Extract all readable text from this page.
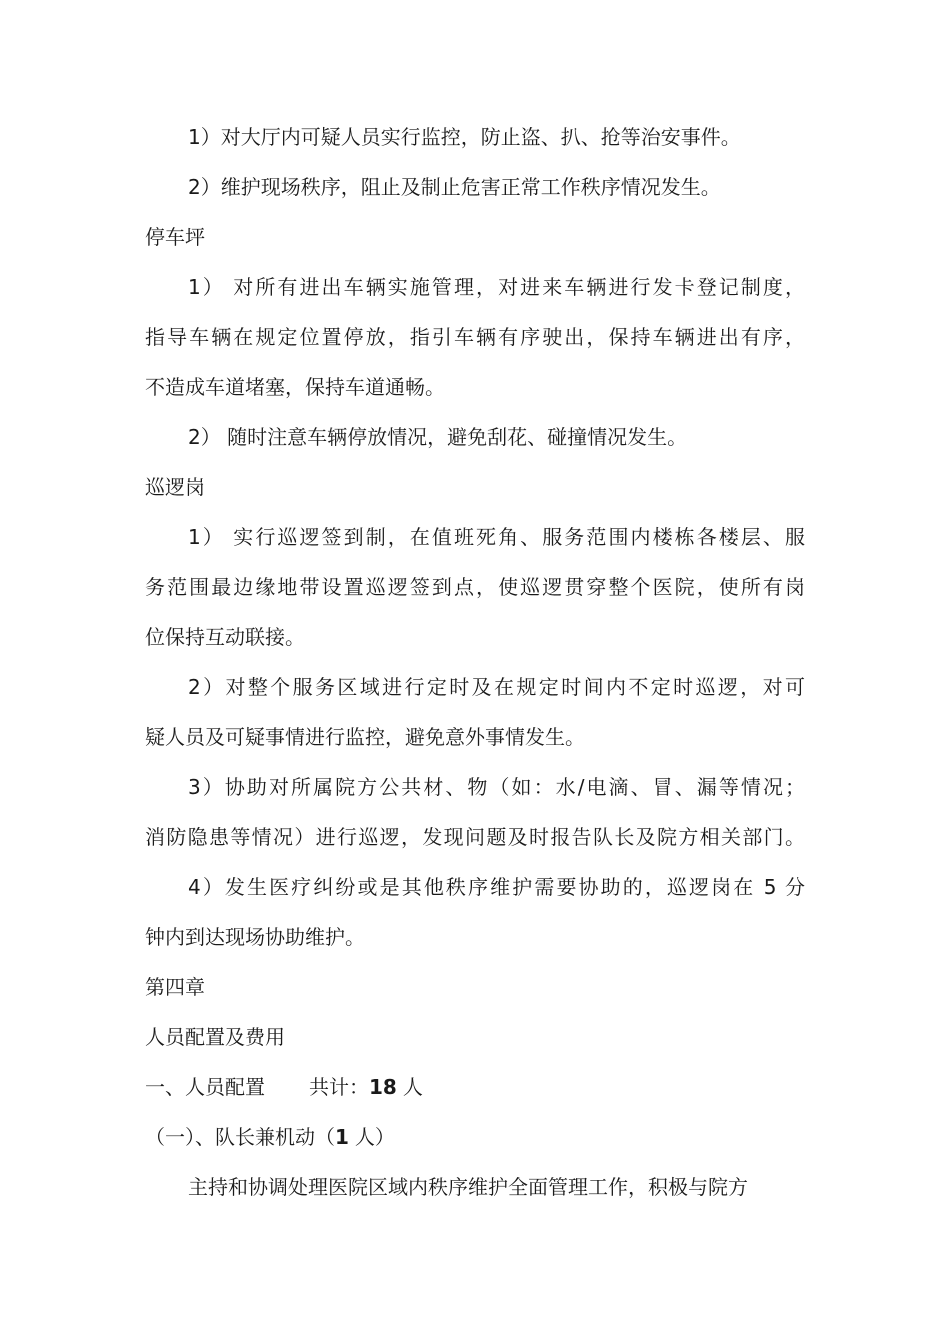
1）对大厅内可疑人员实行监控，防止盗、扒、抢等治安事件。

2）维护现场秩序，阻止及制止危害正常工作秩序情况发生。

停车坪

1） 对所有进出车辆实施管理，对进来车辆进行发卡登记制度，

指导车辆在规定位置停放，指引车辆有序驶出，保持车辆进出有序，

不造成车道堵塞，保持车道通畅。

2） 随时注意车辆停放情况，避免刮花、碰撞情况发生。

巡逻岗

1） 实行巡逻签到制，在值班死角、服务范围内楼栋各楼层、服

务范围最边缘地带设置巡逻签到点，使巡逻贯穿整个医院，使所有岗

位保持互动联接。

2）对整个服务区域进行定时及在规定时间内不定时巡逻，对可

疑人员及可疑事情进行监控，避免意外事情发生。

3）协助对所属院方公共材、物（如：水/电滴、冒、漏等情况；

消防隐患等情况）进行巡逻，发现问题及时报告队长及院方相关部门。

4）发生医疗纠纷或是其他秩序维护需要协助的，巡逻岗在 5 分

钟内到达现场协助维护。

第四章

人员配置及费用

一、人员配置 共计：18 人

（一）、队长兼机动（1 人）

主持和协调处理医院区域内秩序维护全面管理工作，积极与院方
